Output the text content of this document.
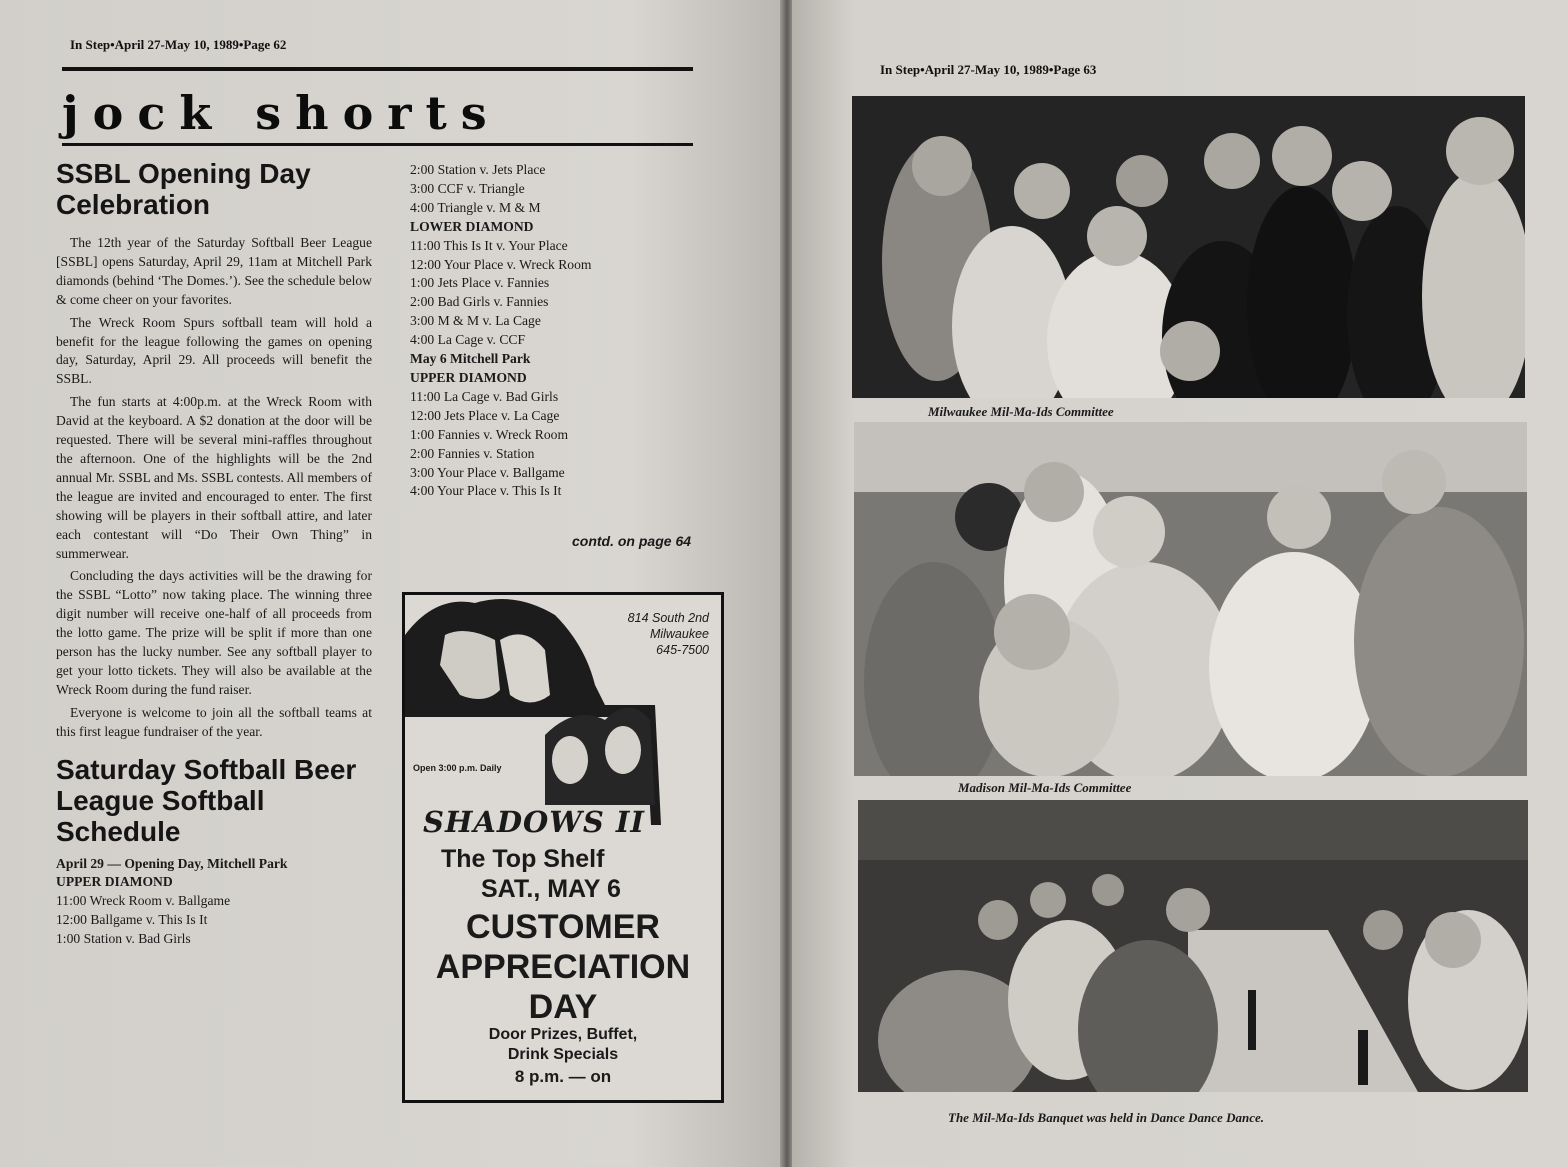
In Step•April 27-May 10, 1989•Page 62
jock shorts
SSBL Opening Day Celebration

The 12th year of the Saturday Softball Beer League [SSBL] opens Saturday, April 29, 11am at Mitchell Park diamonds (behind ‘The Domes.’). See the schedule below & come cheer on your favorites.

The Wreck Room Spurs softball team will hold a benefit for the league following the games on opening day, Saturday, April 29. All proceeds will benefit the SSBL.

The fun starts at 4:00p.m. at the Wreck Room with David at the keyboard. A $2 donation at the door will be requested. There will be several mini-raffles throughout the afternoon. One of the highlights will be the 2nd annual Mr. SSBL and Ms. SSBL contests. All members of the league are invited and encouraged to enter. The first showing will be players in their softball attire, and later each contestant will “Do Their Own Thing” in summerwear.

Concluding the days activities will be the drawing for the SSBL “Lotto” now taking place. The winning three digit number will receive one-half of all proceeds from the lotto game. The prize will be split if more than one person has the lucky number. See any softball player to get your lotto tickets. They will also be available at the Wreck Room during the fund raiser.

Everyone is welcome to join all the softball teams at this first league fundraiser of the year.

Saturday Softball Beer League Softball Schedule
April 29 — Opening Day, Mitchell Park
UPPER DIAMOND
11:00 Wreck Room v. Ballgame
12:00 Ballgame v. This Is It
1:00 Station v. Bad Girls
2:00 Station v. Jets Place
3:00 CCF v. Triangle
4:00 Triangle v. M & M
LOWER DIAMOND
11:00 This Is It v. Your Place
12:00 Your Place v. Wreck Room
1:00 Jets Place v. Fannies
2:00 Bad Girls v. Fannies
3:00 M & M v. La Cage
4:00 La Cage v. CCF
May 6 Mitchell Park
UPPER DIAMOND
11:00 La Cage v. Bad Girls
12:00 Jets Place v. La Cage
1:00 Fannies v. Wreck Room
2:00 Fannies v. Station
3:00 Your Place v. Ballgame
4:00 Your Place v. This Is It
contd. on page 64
814 South 2nd
Milwaukee
645-7500
Open 3:00 p.m. Daily
SHADOWS II
The Top Shelf
SAT., MAY 6
CUSTOMER
APPRECIATION
DAY
Door Prizes, Buffet,
Drink Specials
8 p.m. — on
In Step•April 27-May 10, 1989•Page 63
Milwaukee Mil-Ma-Ids Committee
Madison Mil-Ma-Ids Committee
The Mil-Ma-Ids Banquet was held in Dance Dance Dance.
